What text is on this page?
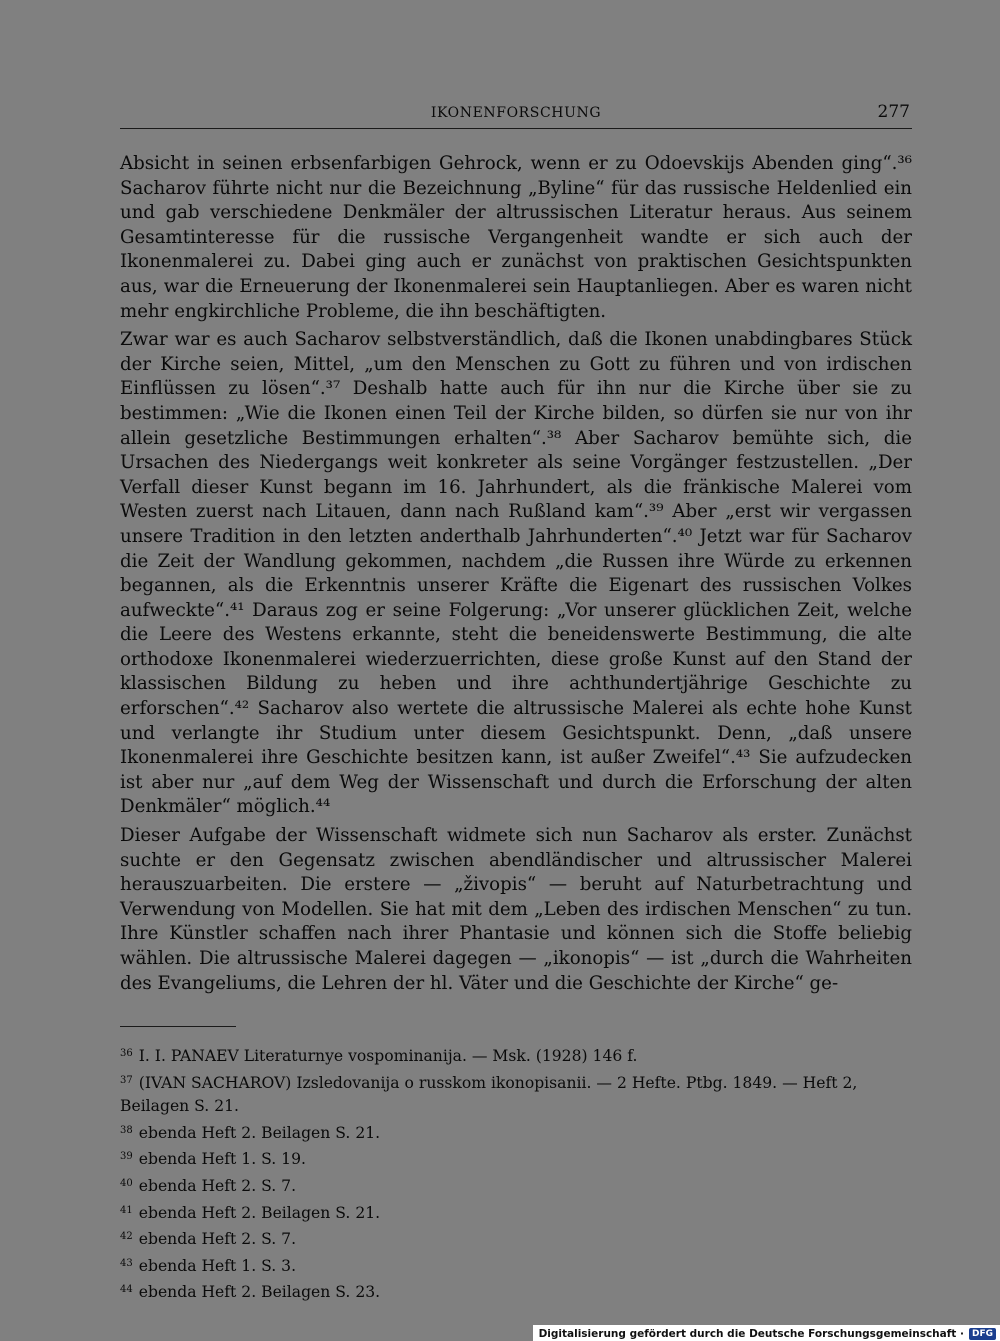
IKONENFORSCHUNG	277

Absicht in seinen erbsenfarbigen Gehrock, wenn er zu Odoevskijs Abenden ging“.³⁶ Sacharov führte nicht nur die Bezeichnung „Byline“ für das russische Heldenlied ein und gab verschiedene Denkmäler der altrussischen Literatur heraus. Aus seinem Gesamtinteresse für die russische Vergangenheit wandte er sich auch der Ikonenmalerei zu. Dabei ging auch er zunächst von praktischen Gesichtspunkten aus, war die Erneuerung der Ikonenmalerei sein Hauptanliegen. Aber es waren nicht mehr engkirchliche Probleme, die ihn beschäftigten.

Zwar war es auch Sacharov selbstverständlich, daß die Ikonen unabdingbares Stück der Kirche seien, Mittel, „um den Menschen zu Gott zu führen und von irdischen Einflüssen zu lösen“.³⁷ Deshalb hatte auch für ihn nur die Kirche über sie zu bestimmen: „Wie die Ikonen einen Teil der Kirche bilden, so dürfen sie nur von ihr allein gesetzliche Bestimmungen erhalten“.³⁸ Aber Sacharov bemühte sich, die Ursachen des Niedergangs weit konkreter als seine Vorgänger festzustellen. „Der Verfall dieser Kunst begann im 16. Jahrhundert, als die fränkische Malerei vom Westen zuerst nach Litauen, dann nach Rußland kam“.³⁹ Aber „erst wir vergassen unsere Tradition in den letzten anderthalb Jahrhunderten“.⁴⁰ Jetzt war für Sacharov die Zeit der Wandlung gekommen, nachdem „die Russen ihre Würde zu erkennen begannen, als die Erkenntnis unserer Kräfte die Eigenart des russischen Volkes aufweckte“.⁴¹ Daraus zog er seine Folgerung: „Vor unserer glücklichen Zeit, welche die Leere des Westens erkannte, steht die beneidenswerte Bestimmung, die alte orthodoxe Ikonenmalerei wiederzuerrichten, diese große Kunst auf den Stand der klassischen Bildung zu heben und ihre achthundertjährige Geschichte zu erforschen“.⁴² Sacharov also wertete die altrussische Malerei als echte hohe Kunst und verlangte ihr Studium unter diesem Gesichtspunkt. Denn, „daß unsere Ikonenmalerei ihre Geschichte besitzen kann, ist außer Zweifel“.⁴³ Sie aufzudecken ist aber nur „auf dem Weg der Wissenschaft und durch die Erforschung der alten Denkmäler“ möglich.⁴⁴

Dieser Aufgabe der Wissenschaft widmete sich nun Sacharov als erster. Zunächst suchte er den Gegensatz zwischen abendländischer und altrussischer Malerei herauszuarbeiten. Die erstere — „živopis“ — beruht auf Naturbetrachtung und Verwendung von Modellen. Sie hat mit dem „Leben des irdischen Menschen“ zu tun. Ihre Künstler schaffen nach ihrer Phantasie und können sich die Stoffe beliebig wählen. Die altrussische Malerei dagegen — „ikonopis“ — ist „durch die Wahrheiten des Evangeliums, die Lehren der hl. Väter und die Geschichte der Kirche“ ge-

$^{36}$ I. I. PANAEV Literaturnye vospominanija. — Msk. (1928) 146 f.
$^{37}$ (IVAN SACHAROV) Izsledovanija o russkom ikonopisanii. — 2 Hefte. Ptbg. 1849. — Heft 2, Beilagen S. 21.
$^{38}$ ebenda Heft 2. Beilagen S. 21.
$^{39}$ ebenda Heft 1. S. 19.
$^{40}$ ebenda Heft 2. S. 7.
$^{41}$ ebenda Heft 2. Beilagen S. 21.
$^{42}$ ebenda Heft 2. S. 7.
$^{43}$ ebenda Heft 1. S. 3.
$^{44}$ ebenda Heft 2. Beilagen S. 23.
Digitalisierung gefördert durch die Deutsche Forschungsgemeinschaft · DFG
